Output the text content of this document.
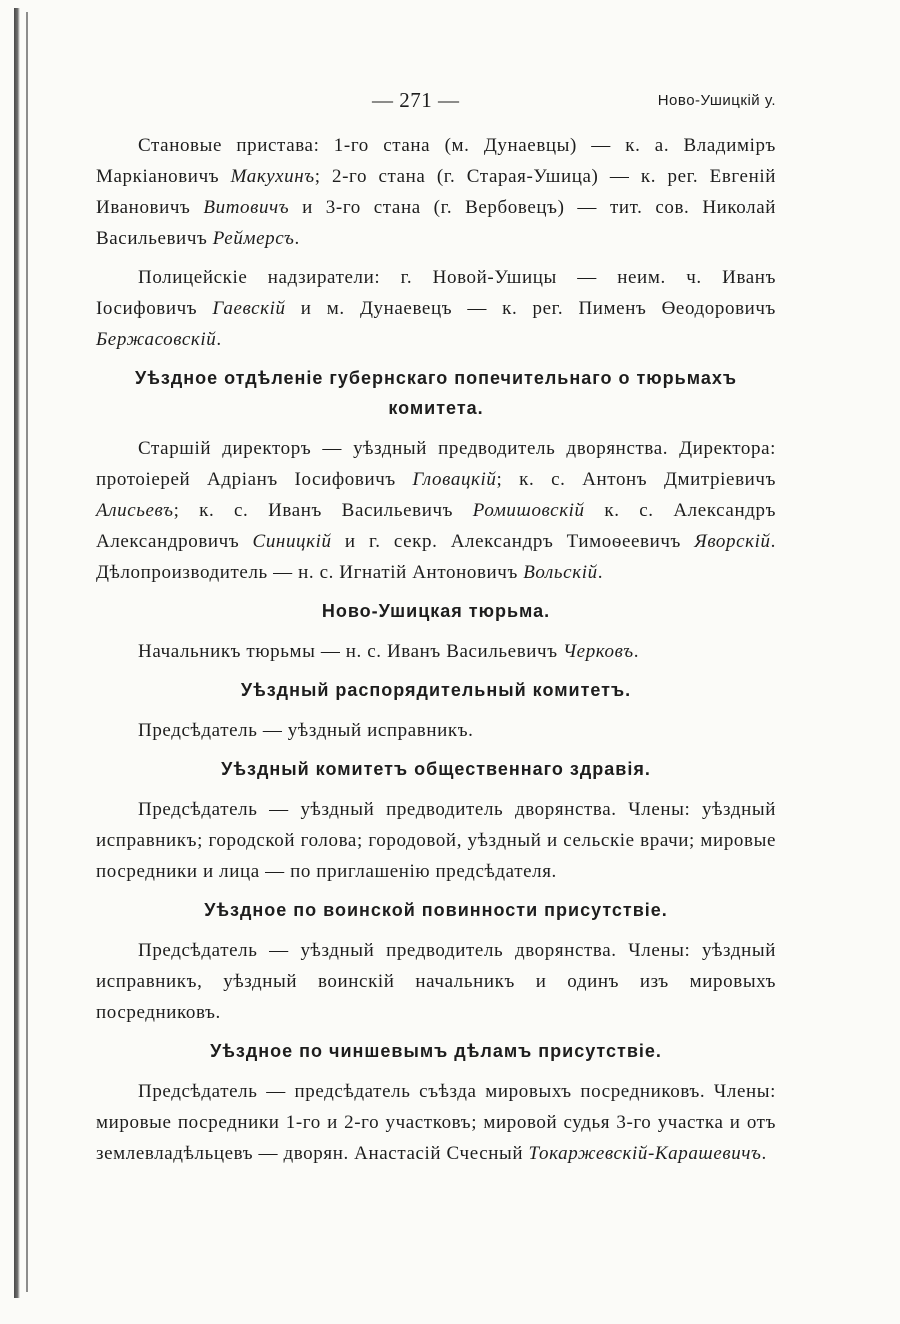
— 271 —	Ново-Ушицкій у.

Становые пристава: 1-го стана (м. Дунаевцы) — к. а. Владиміръ Маркіановичъ Макухинъ; 2-го стана (г. Старая-Ушица) — к. рег. Евгеній Ивановичъ Витовичъ и 3-го стана (г. Вербовецъ) — тит. сов. Николай Васильевичъ Реймерсъ.

Полицейскіе надзиратели: г. Новой-Ушицы — неим. ч. Иванъ Іосифовичъ Гаевскій и м. Дунаевецъ — к. рег. Пименъ Өеодоровичъ Бержасовскій.

Уѣздное отдѣленіе губернскаго попечительнаго о тюрьмахъ комитета.

Старшій директоръ — уѣздный предводитель дворянства. Директора: протоіерей Адріанъ Іосифовичъ Гловацкій; к. с. Антонъ Дмитріевичъ Алисьевъ; к. с. Иванъ Васильевичъ Ромишовскій к. с. Александръ Александровичъ Синицкій и г. секр. Александръ Тимоѳеевичъ Яворскій. Дѣлопроизводитель — н. с. Игнатій Антоновичъ Вольскій.

Ново-Ушицкая тюрьма.

Начальникъ тюрьмы — н. с. Иванъ Васильевичъ Черковъ.

Уѣздный распорядительный комитетъ.

Предсѣдатель — уѣздный исправникъ.

Уѣздный комитетъ общественнаго здравія.

Предсѣдатель — уѣздный предводитель дворянства. Члены: уѣздный исправникъ; городской голова; городовой, уѣздный и сельскіе врачи; мировые посредники и лица — по приглашенію предсѣдателя.

Уѣздное по воинской повинности присутствіе.

Предсѣдатель — уѣздный предводитель дворянства. Члены: уѣздный исправникъ, уѣздный воинскій начальникъ и одинъ изъ мировыхъ посредниковъ.

Уѣздное по чиншевымъ дѣламъ присутствіе.

Предсѣдатель — предсѣдатель съѣзда мировыхъ посредниковъ. Члены: мировые посредники 1-го и 2-го участковъ; мировой судья 3-го участка и отъ землевладѣльцевъ — дворян. Анастасій Счесный Токаржевскій-Карашевичъ.
